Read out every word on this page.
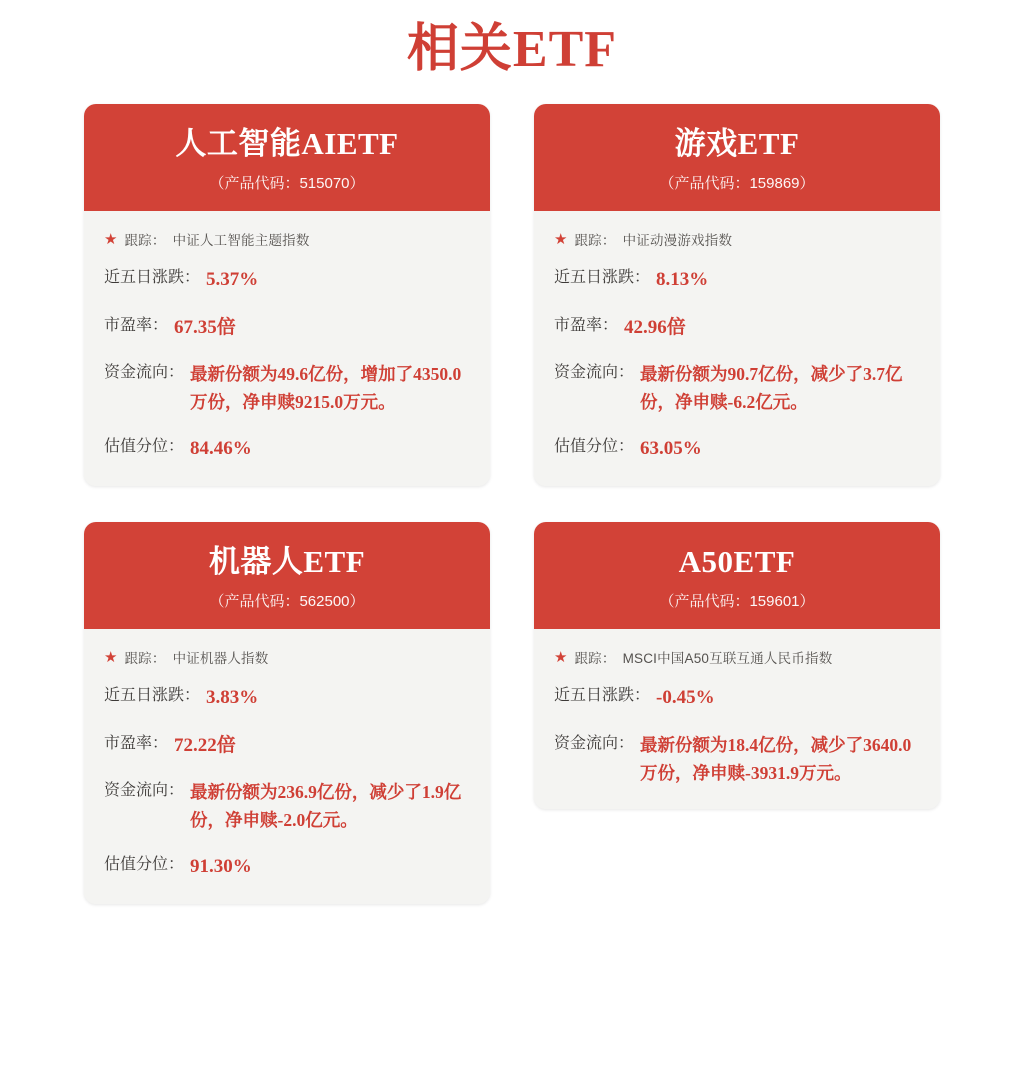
相关ETF
人工智能AIETF
（产品代码：515070）
★ 跟踪： 中证人工智能主题指数
近五日涨跌： 5.37%
市盈率： 67.35倍
资金流向： 最新份额为49.6亿份，增加了4350.0万份，净申赎9215.0万元。
估值分位： 84.46%
游戏ETF
（产品代码：159869）
★ 跟踪： 中证动漫游戏指数
近五日涨跌： 8.13%
市盈率： 42.96倍
资金流向： 最新份额为90.7亿份，减少了3.7亿份，净申赎-6.2亿元。
估值分位： 63.05%
机器人ETF
（产品代码：562500）
★ 跟踪： 中证机器人指数
近五日涨跌： 3.83%
市盈率： 72.22倍
资金流向： 最新份额为236.9亿份，减少了1.9亿份，净申赎-2.0亿元。
估值分位： 91.30%
A50ETF
（产品代码：159601）
★ 跟踪： MSCI中国A50互联互通人民币指数
近五日涨跌： -0.45%
资金流向： 最新份额为18.4亿份，减少了3640.0万份，净申赎-3931.9万元。
